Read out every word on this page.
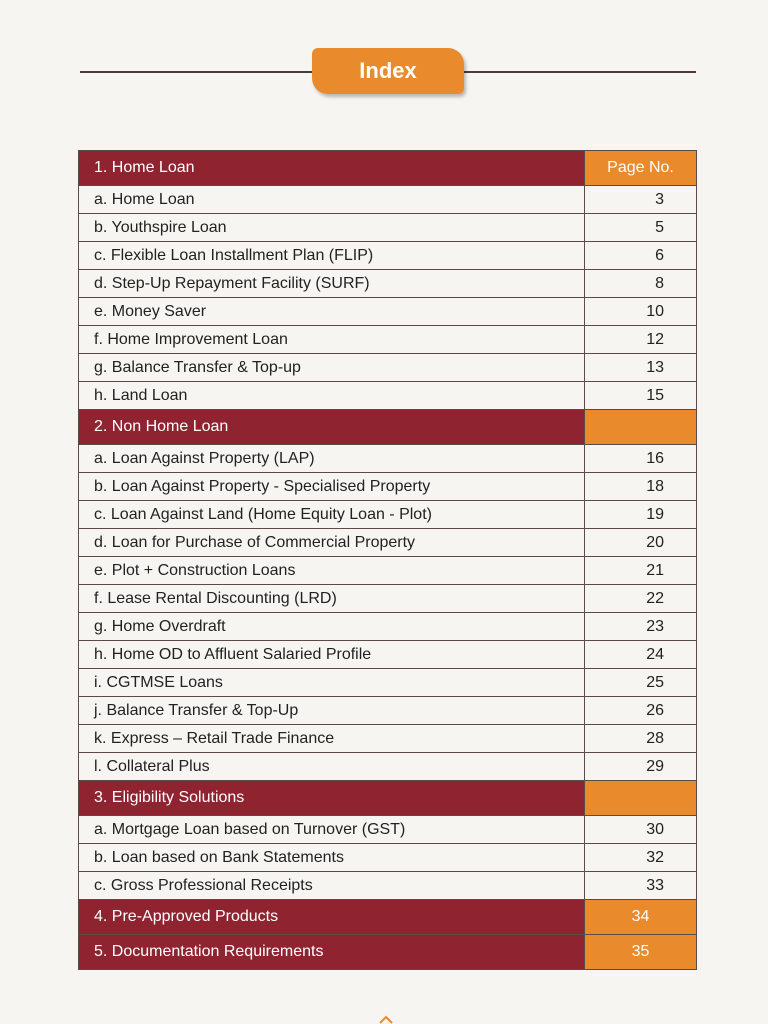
Index
1. Home Loan	Page No.
a. Home Loan	3
b. Youthspire Loan	5
c. Flexible Loan Installment Plan (FLIP)	6
d. Step-Up Repayment Facility (SURF)	8
e. Money Saver	10
f. Home Improvement Loan	12
g. Balance Transfer & Top-up	13
h. Land Loan	15
2. Non Home Loan	
a. Loan Against Property (LAP)	16
b. Loan Against Property - Specialised Property	18
c. Loan Against Land (Home Equity Loan - Plot)	19
d. Loan for Purchase of Commercial Property	20
e. Plot + Construction Loans	21
f. Lease Rental Discounting (LRD)	22
g. Home Overdraft	23
h. Home OD to Affluent Salaried Profile	24
i. CGTMSE Loans	25
j. Balance Transfer & Top-Up	26
k. Express – Retail Trade Finance	28
l. Collateral Plus	29
3. Eligibility Solutions	
a. Mortgage Loan based on Turnover (GST)	30
b. Loan based on Bank Statements	32
c. Gross Professional Receipts	33
4. Pre-Approved Products	34
5. Documentation Requirements	35
